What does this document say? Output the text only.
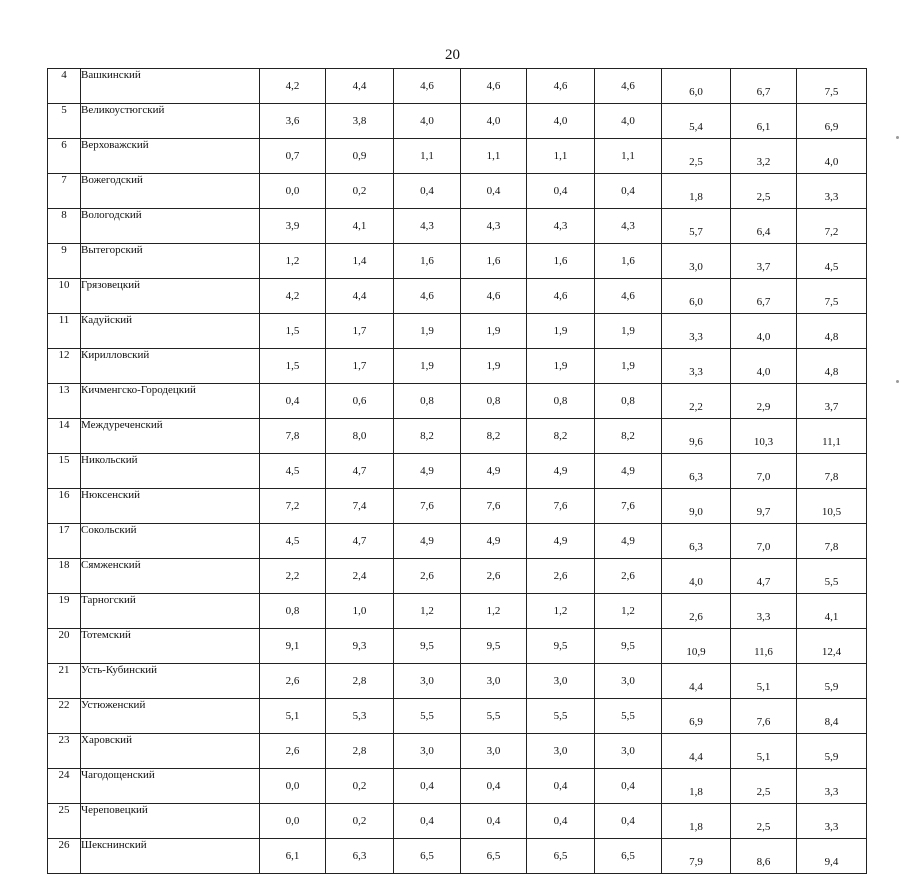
20
4	Вашкинский	4,2	4,4	4,6	4,6	4,6	4,6	6,0	6,7	7,5
5	Великоустюгский	3,6	3,8	4,0	4,0	4,0	4,0	5,4	6,1	6,9
6	Верховажский	0,7	0,9	1,1	1,1	1,1	1,1	2,5	3,2	4,0
7	Вожегодский	0,0	0,2	0,4	0,4	0,4	0,4	1,8	2,5	3,3
8	Вологодский	3,9	4,1	4,3	4,3	4,3	4,3	5,7	6,4	7,2
9	Вытегорский	1,2	1,4	1,6	1,6	1,6	1,6	3,0	3,7	4,5
10	Грязовецкий	4,2	4,4	4,6	4,6	4,6	4,6	6,0	6,7	7,5
11	Кадуйский	1,5	1,7	1,9	1,9	1,9	1,9	3,3	4,0	4,8
12	Кирилловский	1,5	1,7	1,9	1,9	1,9	1,9	3,3	4,0	4,8
13	Кичменгско-Городецкий	0,4	0,6	0,8	0,8	0,8	0,8	2,2	2,9	3,7
14	Междуреченский	7,8	8,0	8,2	8,2	8,2	8,2	9,6	10,3	11,1
15	Никольский	4,5	4,7	4,9	4,9	4,9	4,9	6,3	7,0	7,8
16	Нюксенский	7,2	7,4	7,6	7,6	7,6	7,6	9,0	9,7	10,5
17	Сокольский	4,5	4,7	4,9	4,9	4,9	4,9	6,3	7,0	7,8
18	Сямженский	2,2	2,4	2,6	2,6	2,6	2,6	4,0	4,7	5,5
19	Тарногский	0,8	1,0	1,2	1,2	1,2	1,2	2,6	3,3	4,1
20	Тотемский	9,1	9,3	9,5	9,5	9,5	9,5	10,9	11,6	12,4
21	Усть-Кубинский	2,6	2,8	3,0	3,0	3,0	3,0	4,4	5,1	5,9
22	Устюженский	5,1	5,3	5,5	5,5	5,5	5,5	6,9	7,6	8,4
23	Харовский	2,6	2,8	3,0	3,0	3,0	3,0	4,4	5,1	5,9
24	Чагодощенский	0,0	0,2	0,4	0,4	0,4	0,4	1,8	2,5	3,3
25	Череповецкий	0,0	0,2	0,4	0,4	0,4	0,4	1,8	2,5	3,3
26	Шекснинский	6,1	6,3	6,5	6,5	6,5	6,5	7,9	8,6	9,4
